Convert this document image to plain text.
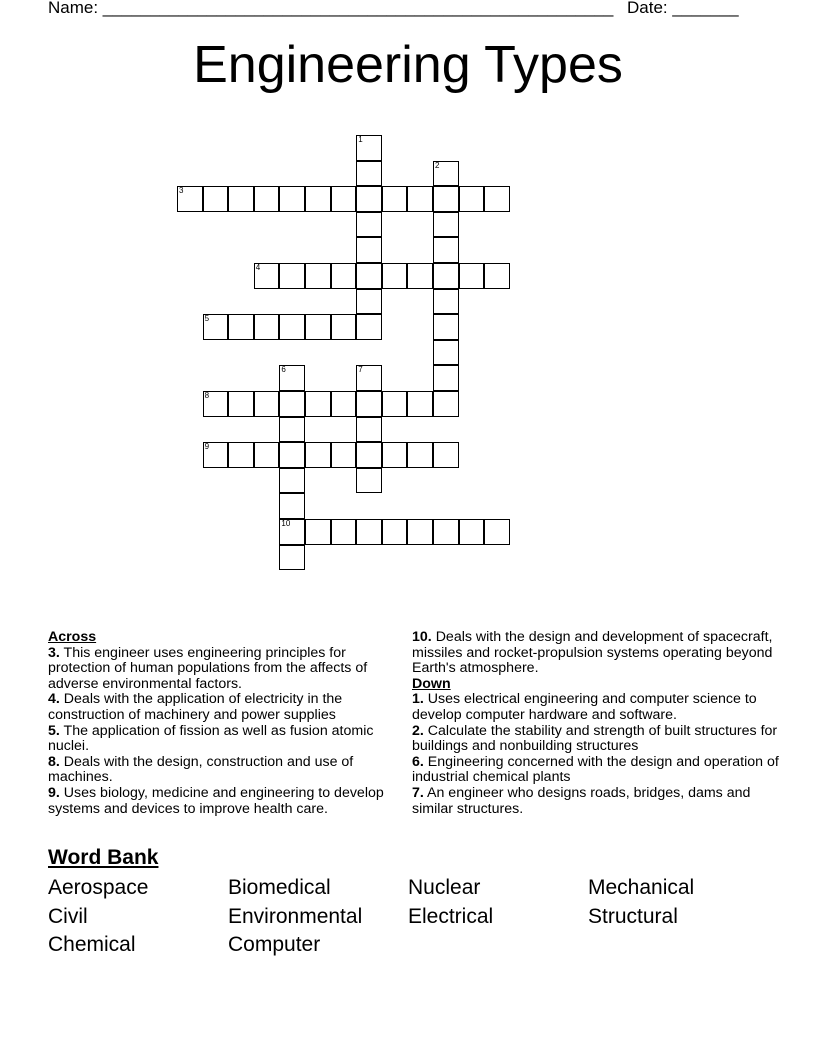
Name: ______________________________________________________ Date: _______
Engineering Types
3
4
5
8
9
10
1
2
6	7
Across
3. This engineer uses engineering principles for protection of human populations from the affects of adverse environmental factors.
4. Deals with the application of electricity in the construction of machinery and power supplies
5. The application of fission as well as fusion atomic nuclei.
8. Deals with the design, construction and use of machines.
9. Uses biology, medicine and engineering to develop systems and devices to improve health care.
10. Deals with the design and development of spacecraft, missiles and rocket-propulsion systems operating beyond Earth's atmosphere.
Down
1. Uses electrical engineering and computer science to develop computer hardware and software.
2. Calculate the stability and strength of built structures for buildings and nonbuilding structures
6. Engineering concerned with the design and operation of industrial chemical plants
7. An engineer who designs roads, bridges, dams and similar structures.
Word Bank
Aerospace	Biomedical	Nuclear	Mechanical
Civil	Environmental	Electrical	Structural
Chemical	Computer
